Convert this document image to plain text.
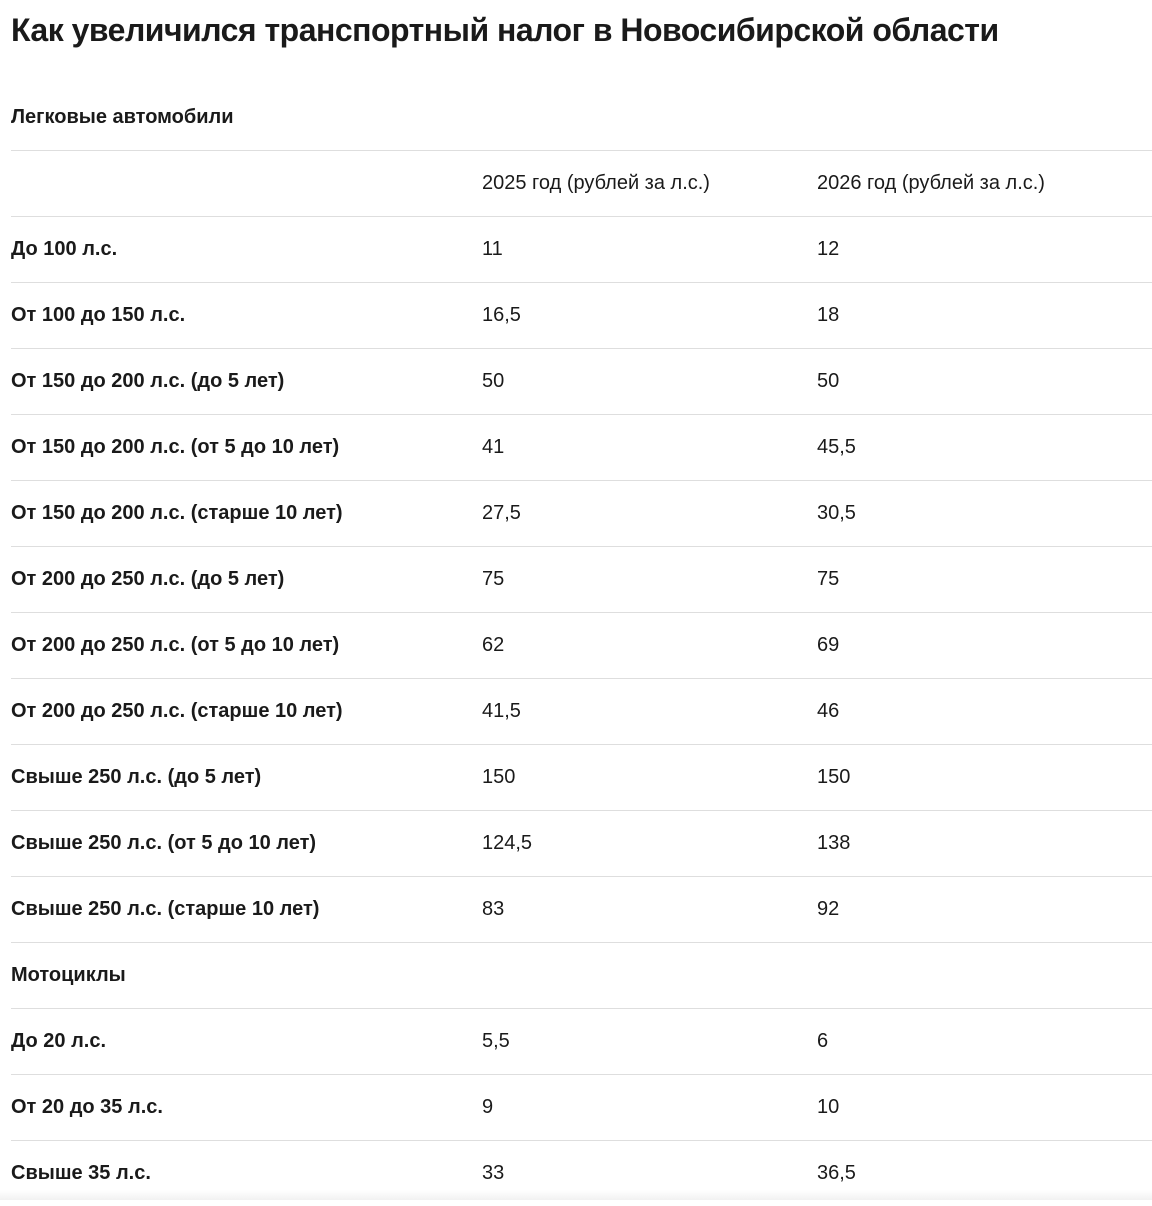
Как увеличился транспортный налог в Новосибирской области
Легковые автомобили
	2025 год (рублей за л.с.)	2026 год (рублей за л.с.)
До 100 л.с.	11	12
От 100 до 150 л.с.	16,5	18
От 150 до 200 л.с. (до 5 лет)	50	50
От 150 до 200 л.с. (от 5 до 10 лет)	41	45,5
От 150 до 200 л.с. (старше 10 лет)	27,5	30,5
От 200 до 250 л.с. (до 5 лет)	75	75
От 200 до 250 л.с. (от 5 до 10 лет)	62	69
От 200 до 250 л.с. (старше 10 лет)	41,5	46
Свыше 250 л.с. (до 5 лет)	150	150
Свыше 250 л.с. (от 5 до 10 лет)	124,5	138
Свыше 250 л.с. (старше 10 лет)	83	92
Мотоциклы		
До 20 л.с.	5,5	6
От 20 до 35 л.с.	9	10
Свыше 35 л.с.	33	36,5
